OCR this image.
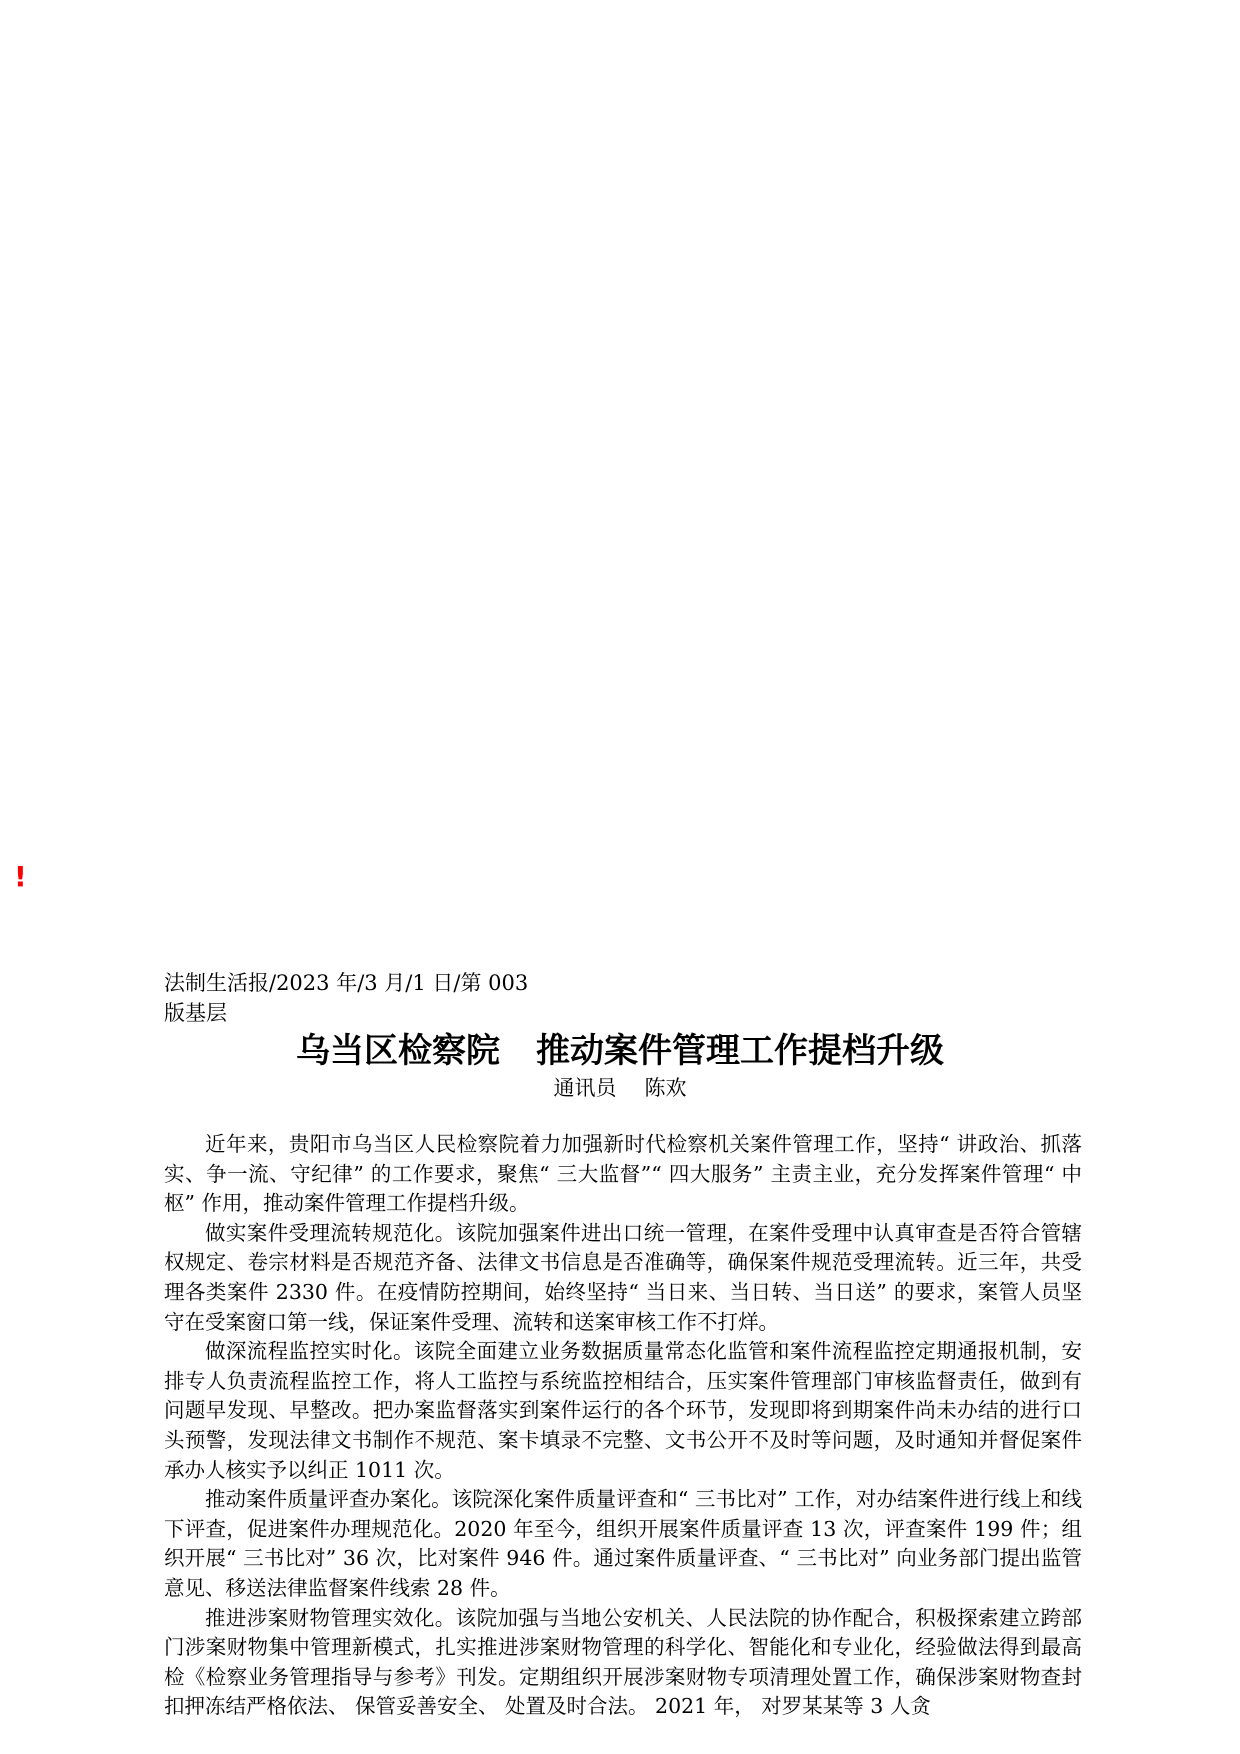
!
法制生活报/2023 年/3 月/1 日/第 003
版基层
乌当区检察院 推动案件管理工作提档升级
通讯员 陈欢

近年来，贵阳市乌当区人民检察院着力加强新时代检察机关案件管理工作，坚持“ 讲政治、抓落实、争一流、守纪律” 的工作要求，聚焦“ 三大监督”“ 四大服务” 主责主业，充分发挥案件管理“ 中枢” 作用，推动案件管理工作提档升级。

做实案件受理流转规范化。该院加强案件进出口统一管理，在案件受理中认真审查是否符合管辖权规定、卷宗材料是否规范齐备、法律文书信息是否准确等，确保案件规范受理流转。近三年，共受理各类案件 2330 件。在疫情防控期间，始终坚持“ 当日来、当日转、当日送” 的要求，案管人员坚守在受案窗口第一线，保证案件受理、流转和送案审核工作不打烊。

做深流程监控实时化。该院全面建立业务数据质量常态化监管和案件流程监控定期通报机制，安排专人负责流程监控工作，将人工监控与系统监控相结合，压实案件管理部门审核监督责任，做到有问题早发现、早整改。把办案监督落实到案件运行的各个环节，发现即将到期案件尚未办结的进行口头预警，发现法律文书制作不规范、案卡填录不完整、文书公开不及时等问题，及时通知并督促案件承办人核实予以纠正 1011 次。

推动案件质量评查办案化。该院深化案件质量评查和“ 三书比对” 工作，对办结案件进行线上和线下评查，促进案件办理规范化。2020 年至今，组织开展案件质量评查 13 次，评查案件 199 件；组织开展“ 三书比对” 36 次，比对案件 946 件。通过案件质量评查、“ 三书比对” 向业务部门提出监管意见、移送法律监督案件线索 28 件。

推进涉案财物管理实效化。该院加强与当地公安机关、人民法院的协作配合，积极探索建立跨部门涉案财物集中管理新模式，扎实推进涉案财物管理的科学化、智能化和专业化，经验做法得到最高检《检察业务管理指导与参考》刊发。定期组织开展涉案财物专项清理处置工作，确保涉案财物查封扣押冻结严格依法、 保管妥善安全、 处置及时合法。 2021 年， 对罗某某等 3 人贪
